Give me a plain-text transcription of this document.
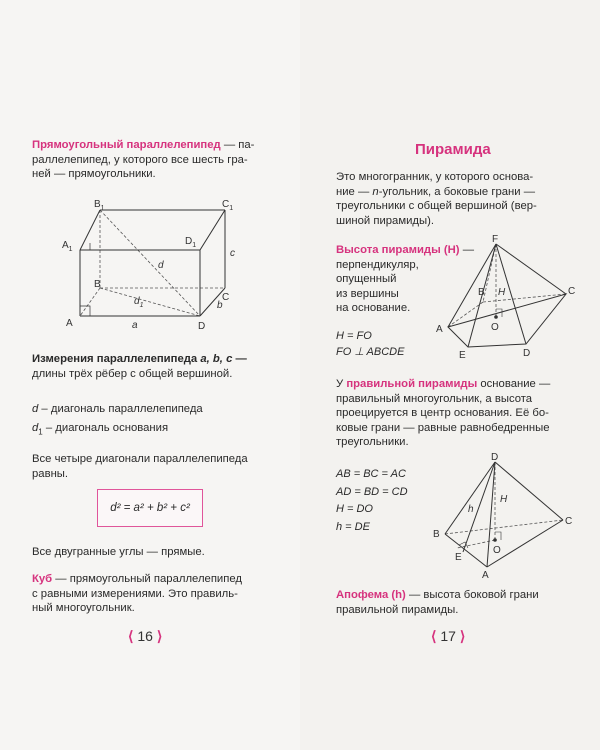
Прямоугольный параллелепипед — па-
раллелепипед, у которого все шесть гра-
ней — прямоугольники.

$B_1$	$C_1$
$A_1$
$D_1$
B
C
A	D
c
b
a
d
$d_1$

Измерения параллелепипеда a, b, c —
длины трёх рёбер с общей вершиной.

d – диагональ параллелепипеда
$d_1$ – диагональ основания

Все четыре диагонали параллелепипеда
равны.

d² = a² + b² + c²

Все двугранные углы — прямые.

Куб — прямоугольный параллелепипед
с равными измерениями. Это правиль-
ный многоугольник.

⟨ 16 ⟩
Пирамида

Это многогранник, у которого основа-
ние — n-угольник, а боковые грани —
треугольники с общей вершиной (вер-
шиной пирамиды).

Высота пирамиды (H) —
перпендикуляр,
опущенный
из вершины
на основание.

H = FO
FO ⊥ ABCDE
F
B H	C
O
A
E	D

У правильной пирамиды основание —
правильный многоугольник, а высота
проецируется в центр основания. Её бо-
ковые грани — равные равнобедренные
треугольники.

AB = BC = AC
AD = BD = CD
H = DO
h = DE
D
H
h
B
C
E
O
A

Апофема (h) — высота боковой грани
правильной пирамиды.

⟨ 17 ⟩
